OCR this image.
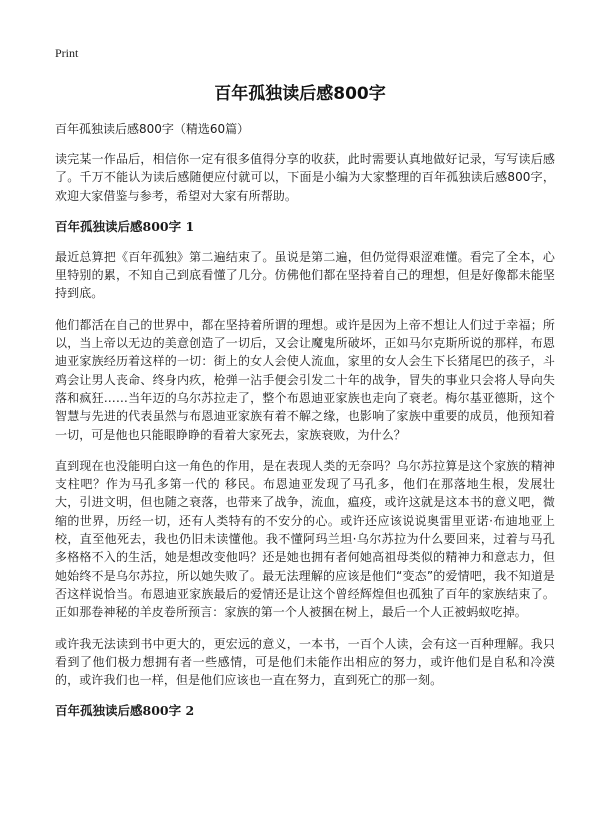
Print
百年孤独读后感800字
百年孤独读后感800字（精选60篇）

读完某一作品后，相信你一定有很多值得分享的收获，此时需要认真地做好记录，写写读后感了。千万不能认为读后感随便应付就可以，下面是小编为大家整理的百年孤独读后感800字，欢迎大家借鉴与参考，希望对大家有所帮助。

百年孤独读后感800字 1

最近总算把《百年孤独》第二遍结束了。虽说是第二遍，但仍觉得艰涩难懂。看完了全本，心里特别的累，不知自己到底看懂了几分。仿佛他们都在坚持着自己的理想，但是好像都未能坚持到底。

他们都活在自己的世界中，都在坚持着所谓的理想。或许是因为上帝不想让人们过于幸福；所以，当上帝以无边的美意创造了一切后，又会让魔鬼所破坏，正如马尔克斯所说的那样，布恩迪亚家族经历着这样的一切：街上的女人会使人流血，家里的女人会生下长猪尾巴的孩子，斗鸡会让男人丧命、终身内疚，枪弹一沾手便会引发二十年的战争，冒失的事业只会将人导向失落和疯狂……当年迈的乌尔苏拉走了，整个布恩迪亚家族也走向了衰老。梅尔基亚德斯，这个智慧与先进的代表虽然与布恩迪亚家族有着不解之缘，也影响了家族中重要的成员，他预知着一切，可是他也只能眼睁睁的看着大家死去，家族衰败，为什么？

直到现在也没能明白这一角色的作用，是在表现人类的无奈吗？乌尔苏拉算是这个家族的精神支柱吧？作为马孔多第一代的 移民。布恩迪亚发现了马孔多，他们在那落地生根，发展壮大，引进文明，但也随之衰落，也带来了战争，流血，瘟疫，或许这就是这本书的意义吧，微缩的世界，历经一切，还有人类特有的不安分的心。或许还应该说说奥雷里亚诺·布迪地亚上校，直至他死去，我也仍旧未读懂他。我不懂阿玛兰坦·乌尔苏拉为什么要回来，过着与马孔多格格不入的生活，她是想改变他吗？还是她也拥有者何她高祖母类似的精神力和意志力，但她始终不是乌尔苏拉，所以她失败了。最无法理解的应该是他们“变态”的爱情吧，我不知道是否这样说恰当。布恩迪亚家族最后的爱情还是让这个曾经辉煌但也孤独了百年的家族结束了。正如那卷神秘的羊皮卷所预言：家族的第一个人被捆在树上，最后一个人正被蚂蚁吃掉。

或许我无法读到书中更大的，更宏远的意义，一本书，一百个人读，会有这一百种理解。我只看到了他们极力想拥有者一些感情，可是他们未能作出相应的努力，或许他们是自私和冷漠的，或许我们也一样，但是他们应该也一直在努力，直到死亡的那一刻。

百年孤独读后感800字 2
